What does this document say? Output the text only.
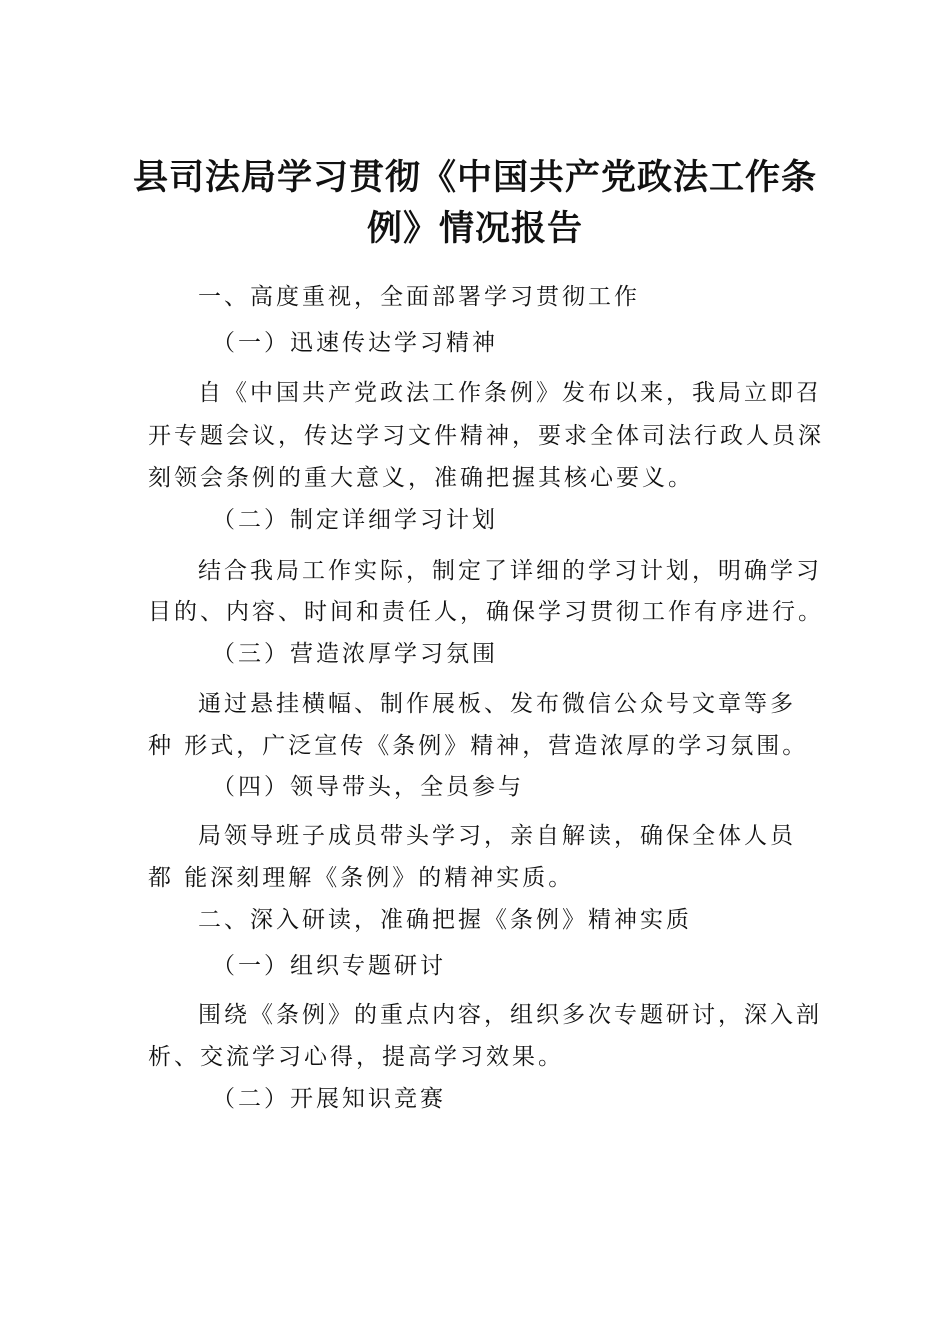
县司法局学习贯彻《中国共产党政法工作条
例》情况报告
一、高度重视，全面部署学习贯彻工作
（一）迅速传达学习精神
自《中国共产党政法工作条例》发布以来，我局立即召
开专题会议，传达学习文件精神，要求全体司法行政人员深
刻领会条例的重大意义，准确把握其核心要义。
（二）制定详细学习计划
结合我局工作实际，制定了详细的学习计划，明确学习
目的、内容、时间和责任人，确保学习贯彻工作有序进行。
（三）营造浓厚学习氛围
通过悬挂横幅、制作展板、发布微信公众号文章等多
种 形式，广泛宣传《条例》精神，营造浓厚的学习氛围。
（四）领导带头，全员参与
局领导班子成员带头学习，亲自解读，确保全体人员
都 能深刻理解《条例》的精神实质。
二、深入研读，准确把握《条例》精神实质
（一）组织专题研讨
围绕《条例》的重点内容，组织多次专题研讨，深入剖
析、交流学习心得，提高学习效果。
（二）开展知识竞赛
